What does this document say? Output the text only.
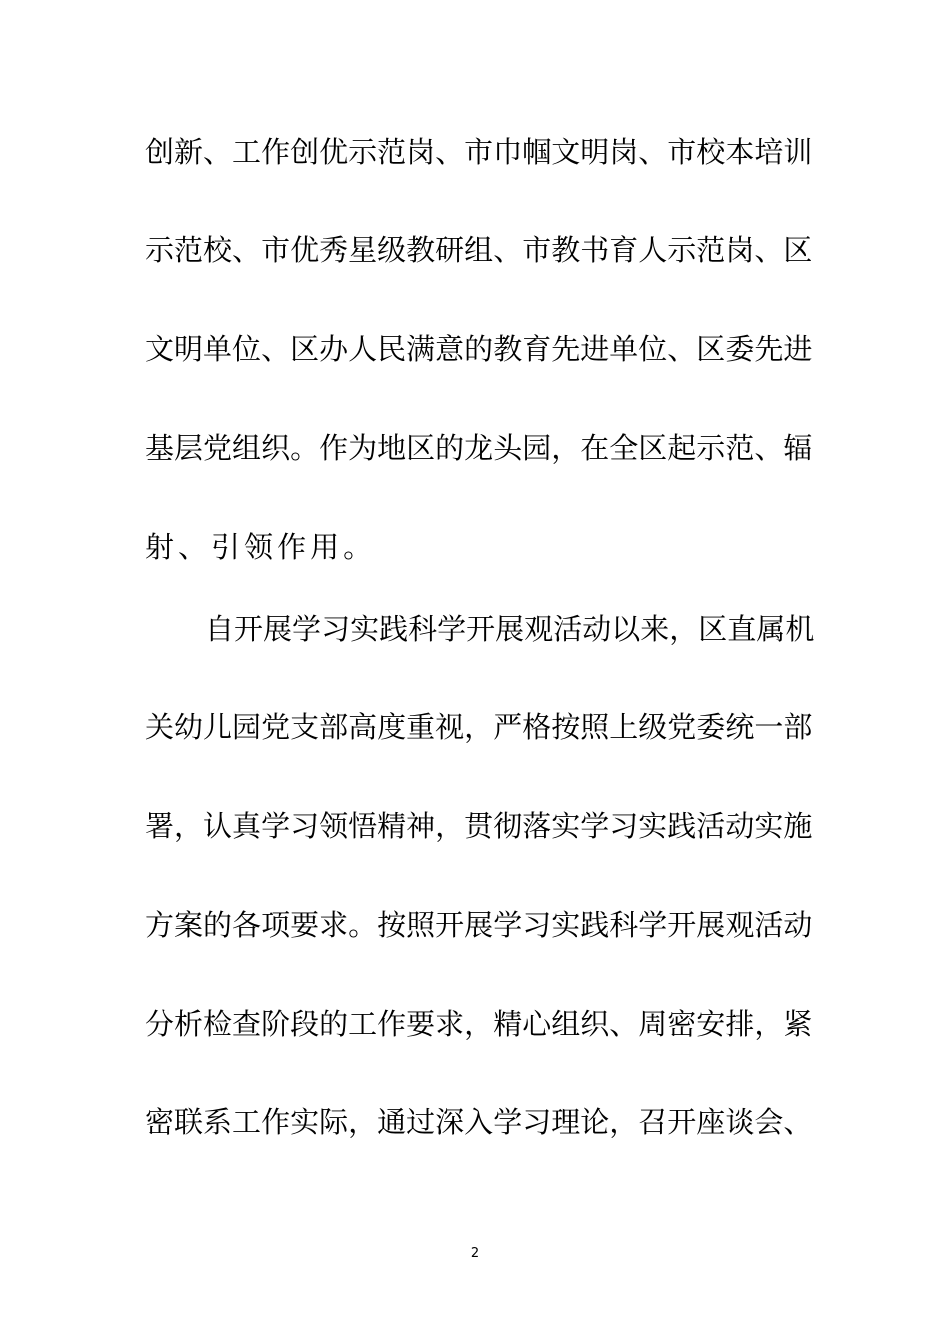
创 新 、 工 作 创 优 示 范 岗 、 市 巾 帼 文 明 岗 、 市 校 本 培 训
示 范 校 、 市 优 秀 星 级 教 研 组 、 市 教 书 育 人 示 范 岗 、 区
文 明 单 位 、 区 办 人 民 满 意 的 教 育 先 进 单 位 、 区 委 先 进
基 层 党 组 织 。 作 为 地 区 的 龙 头 园 ， 在 全 区 起 示 范 、 辐
射 、 引 领 作 用 。
自 开 展 学 习 实 践 科 学 开 展 观 活 动 以 来 ， 区 直 属 机
关 幼 儿 园 党 支 部 高 度 重 视 ， 严 格 按 照 上 级 党 委 统 一 部
署 ， 认 真 学 习 领 悟 精 神 ， 贯 彻 落 实 学 习 实 践 活 动 实 施
方 案 的 各 项 要 求 。 按 照 开 展 学 习 实 践 科 学 开 展 观 活 动
分 析 检 查 阶 段 的 工 作 要 求 ， 精 心 组 织 、 周 密 安 排 ， 紧
密 联 系 工 作 实 际 ， 通 过 深 入 学 习 理 论 ， 召 开 座 谈 会 、
2
